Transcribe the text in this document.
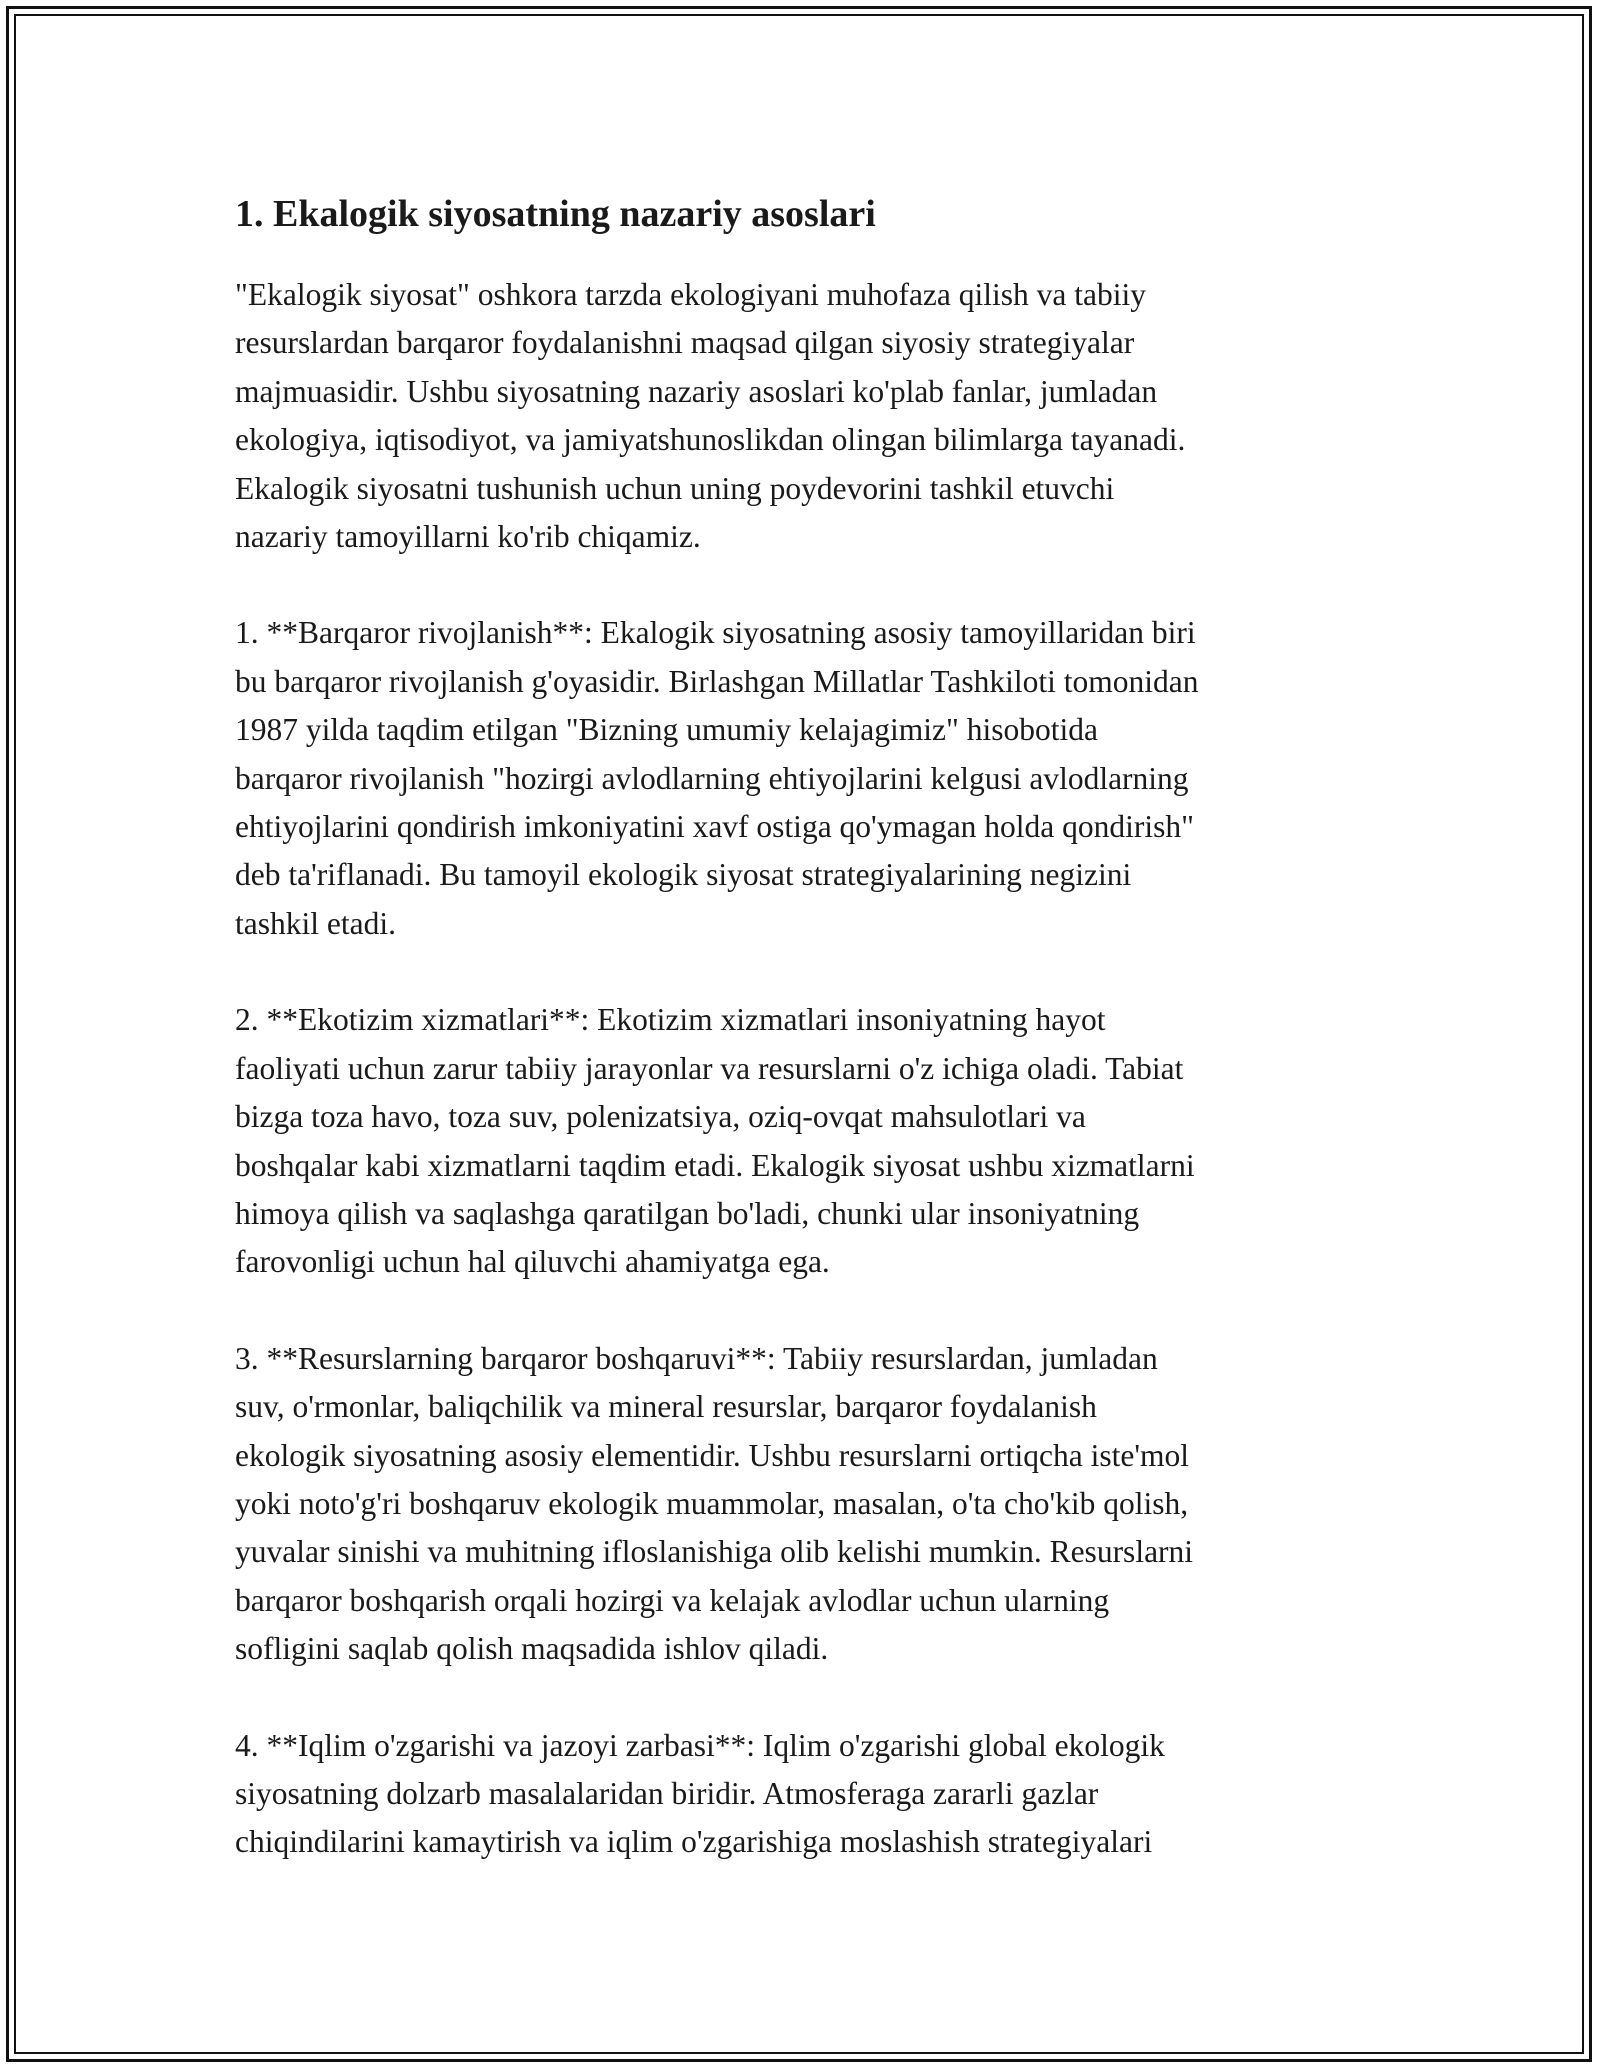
1. Ekalogik siyosatning nazariy asoslari

"Ekalogik siyosat" oshkora tarzda ekologiyani muhofaza qilish va tabiiy
resurslardan barqaror foydalanishni maqsad qilgan siyosiy strategiyalar
majmuasidir. Ushbu siyosatning nazariy asoslari ko'plab fanlar, jumladan
ekologiya, iqtisodiyot, va jamiyatshunoslikdan olingan bilimlarga tayanadi.
Ekalogik siyosatni tushunish uchun uning poydevorini tashkil etuvchi
nazariy tamoyillarni ko'rib chiqamiz.

1. **Barqaror rivojlanish**: Ekalogik siyosatning asosiy tamoyillaridan biri
bu barqaror rivojlanish g'oyasidir. Birlashgan Millatlar Tashkiloti tomonidan
1987 yilda taqdim etilgan "Bizning umumiy kelajagimiz" hisobotida
barqaror rivojlanish "hozirgi avlodlarning ehtiyojlarini kelgusi avlodlarning
ehtiyojlarini qondirish imkoniyatini xavf ostiga qo'ymagan holda qondirish"
deb ta'riflanadi. Bu tamoyil ekologik siyosat strategiyalarining negizini
tashkil etadi.

2. **Ekotizim xizmatlari**: Ekotizim xizmatlari insoniyatning hayot
faoliyati uchun zarur tabiiy jarayonlar va resurslarni o'z ichiga oladi. Tabiat
bizga toza havo, toza suv, polenizatsiya, oziq-ovqat mahsulotlari va
boshqalar kabi xizmatlarni taqdim etadi. Ekalogik siyosat ushbu xizmatlarni
himoya qilish va saqlashga qaratilgan bo'ladi, chunki ular insoniyatning
farovonligi uchun hal qiluvchi ahamiyatga ega.

3. **Resurslarning barqaror boshqaruvi**: Tabiiy resurslardan, jumladan
suv, o'rmonlar, baliqchilik va mineral resurslar, barqaror foydalanish
ekologik siyosatning asosiy elementidir. Ushbu resurslarni ortiqcha iste'mol
yoki noto'g'ri boshqaruv ekologik muammolar, masalan, o'ta cho'kib qolish,
yuvalar sinishi va muhitning ifloslanishiga olib kelishi mumkin. Resurslarni
barqaror boshqarish orqali hozirgi va kelajak avlodlar uchun ularning
sofligini saqlab qolish maqsadida ishlov qiladi.

4. **Iqlim o'zgarishi va jazoyi zarbasi**: Iqlim o'zgarishi global ekologik
siyosatning dolzarb masalalaridan biridir. Atmosferaga zararli gazlar
chiqindilarini kamaytirish va iqlim o'zgarishiga moslashish strategiyalari
